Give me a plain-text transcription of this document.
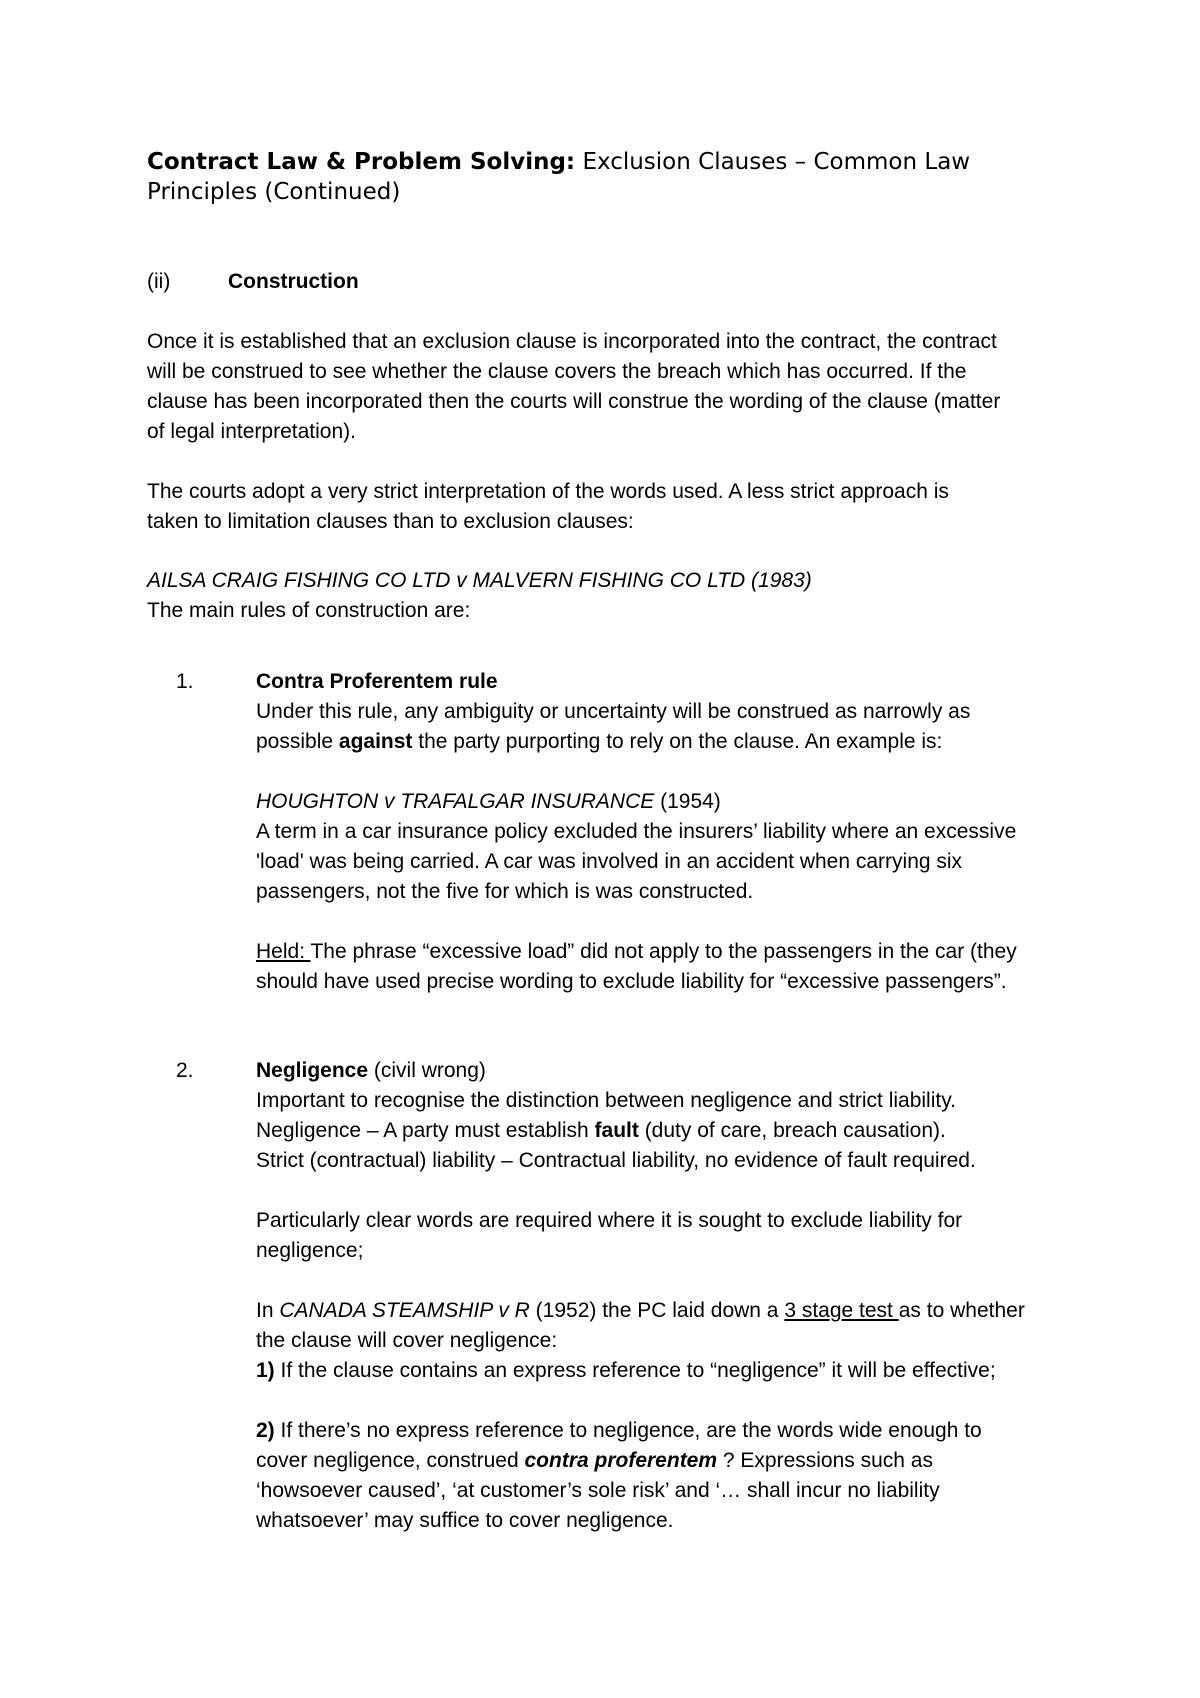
Contract Law & Problem Solving: Exclusion Clauses – Common Law
Principles (Continued)
(ii)	Construction
Once it is established that an exclusion clause is incorporated into the contract, the contract
will be construed to see whether the clause covers the breach which has occurred. If the
clause has been incorporated then the courts will construe the wording of the clause (matter
of legal interpretation).
The courts adopt a very strict interpretation of the words used. A less strict approach is
taken to limitation clauses than to exclusion clauses:
AILSA CRAIG FISHING CO LTD v MALVERN FISHING CO LTD (1983)
The main rules of construction are:
1.	Contra Proferentem rule
Under this rule, any ambiguity or uncertainty will be construed as narrowly as
possible against the party purporting to rely on the clause. An example is:
HOUGHTON v TRAFALGAR INSURANCE (1954)
A term in a car insurance policy excluded the insurers’ liability where an excessive
'load' was being carried. A car was involved in an accident when carrying six
passengers, not the five for which is was constructed.
Held: The phrase “excessive load” did not apply to the passengers in the car (they
should have used precise wording to exclude liability for “excessive passengers”.
2.	Negligence (civil wrong)
Important to recognise the distinction between negligence and strict liability.
Negligence – A party must establish fault (duty of care, breach causation).
Strict (contractual) liability – Contractual liability, no evidence of fault required.
Particularly clear words are required where it is sought to exclude liability for
negligence;
In CANADA STEAMSHIP v R (1952) the PC laid down a 3 stage test as to whether
the clause will cover negligence:
1) If the clause contains an express reference to “negligence” it will be effective;
2) If there’s no express reference to negligence, are the words wide enough to
cover negligence, construed contra proferentem ? Expressions such as
‘howsoever caused’, ‘at customer’s sole risk’ and ‘… shall incur no liability
whatsoever’ may suffice to cover negligence.
